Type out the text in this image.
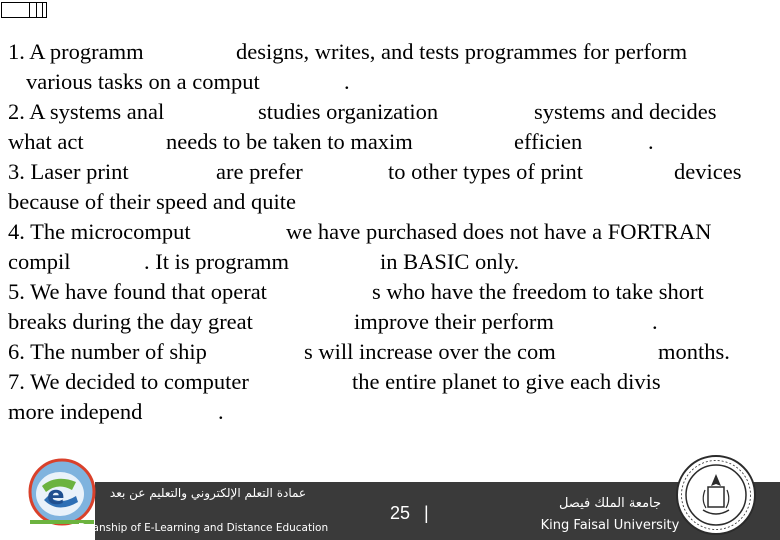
1. A programm	designs, writes, and tests programmes for perform
various tasks on a comput	.
2. A systems anal	studies organization	systems and decides
what act	needs to be taken to maxim	efficien	.
3. Laser print	are prefer	to other types of print	devices
because of their speed and quite
4. The microcomput	we have purchased does not have a FORTRAN
compil	. It is programm	in BASIC only.
5. We have found that operat	s who have the freedom to take short
breaks during the day great	improve their perform	.
6. The number of ship	s will increase over the com	months.
7. We decided to computer	the entire planet to give each divis
more independ	.
e	عمادة التعلم الإلكتروني والتعليم عن بعد
Deanship of E-Learning and Distance Education
25 |	جامعة الملك فيصل
King Faisal University
